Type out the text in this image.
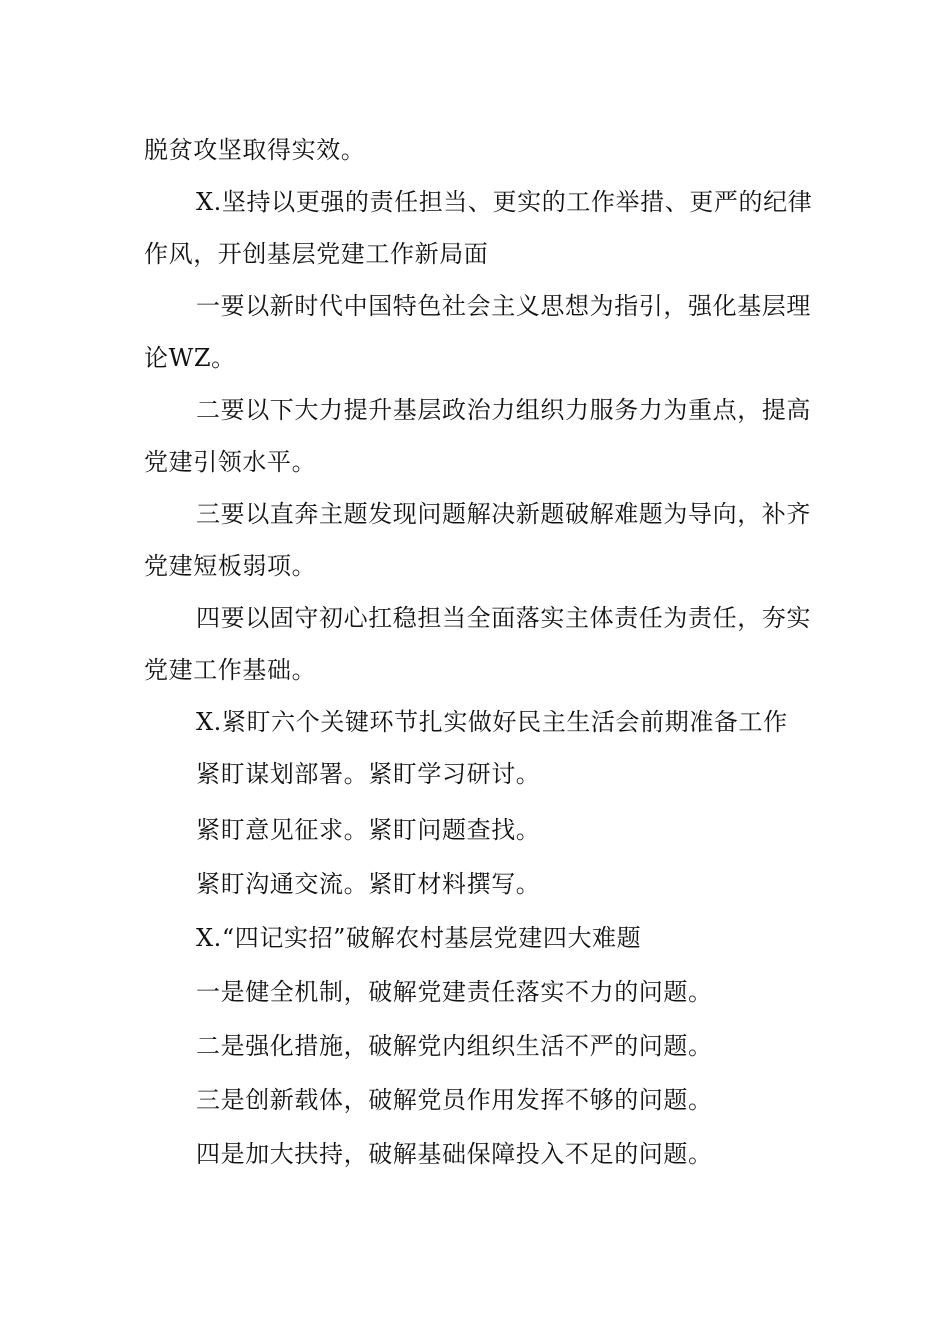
脱贫攻坚取得实效。

X.坚持以更强的责任担当、更实的工作举措、更严的纪律作风，开创基层党建工作新局面

一要以新时代中国特色社会主义思想为指引，强化基层理论WZ。

二要以下大力提升基层政治力组织力服务力为重点，提高党建引领水平。

三要以直奔主题发现问题解决新题破解难题为导向，补齐党建短板弱项。

四要以固守初心扛稳担当全面落实主体责任为责任，夯实党建工作基础。

X.紧盯六个关键环节扎实做好民主生活会前期准备工作

紧盯谋划部署。紧盯学习研讨。

紧盯意见征求。紧盯问题查找。

紧盯沟通交流。紧盯材料撰写。

X.“四记实招”破解农村基层党建四大难题

一是健全机制，破解党建责任落实不力的问题。

二是强化措施，破解党内组织生活不严的问题。

三是创新载体，破解党员作用发挥不够的问题。

四是加大扶持，破解基础保障投入不足的问题。
